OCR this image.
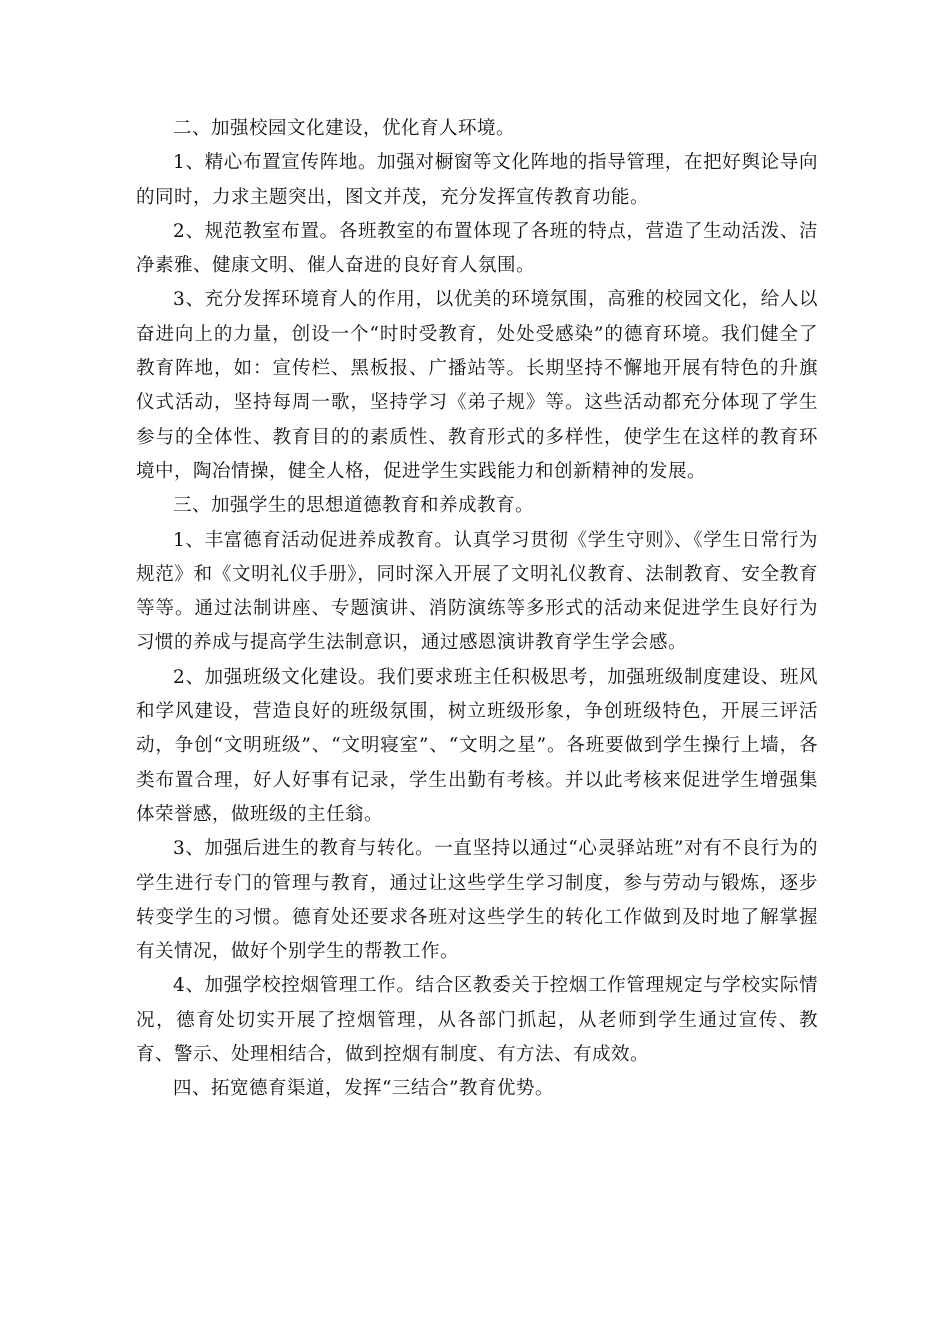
二、加强校园文化建设，优化育人环境。

1、精心布置宣传阵地。加强对橱窗等文化阵地的指导管理，在把好舆论导向的同时，力求主题突出，图文并茂，充分发挥宣传教育功能。

2、规范教室布置。各班教室的布置体现了各班的特点，营造了生动活泼、洁净素雅、健康文明、催人奋进的良好育人氛围。

3、充分发挥环境育人的作用，以优美的环境氛围，高雅的校园文化，给人以奋进向上的力量，创设一个“时时受教育，处处受感染”的德育环境。我们健全了教育阵地，如：宣传栏、黑板报、广播站等。长期坚持不懈地开展有特色的升旗仪式活动，坚持每周一歌，坚持学习《弟子规》等。这些活动都充分体现了学生参与的全体性、教育目的的素质性、教育形式的多样性，使学生在这样的教育环境中，陶冶情操，健全人格，促进学生实践能力和创新精神的发展。

三、加强学生的思想道德教育和养成教育。

1、丰富德育活动促进养成教育。认真学习贯彻《学生守则》、《学生日常行为规范》和《文明礼仪手册》，同时深入开展了文明礼仪教育、法制教育、安全教育等等。通过法制讲座、专题演讲、消防演练等多形式的活动来促进学生良好行为习惯的养成与提高学生法制意识，通过感恩演讲教育学生学会感。

2、加强班级文化建设。我们要求班主任积极思考，加强班级制度建设、班风和学风建设，营造良好的班级氛围，树立班级形象，争创班级特色，开展三评活动，争创“文明班级”、“文明寝室”、“文明之星”。各班要做到学生操行上墙，各类布置合理，好人好事有记录，学生出勤有考核。并以此考核来促进学生增强集体荣誉感，做班级的主任翁。

3、加强后进生的教育与转化。一直坚持以通过“心灵驿站班”对有不良行为的学生进行专门的管理与教育，通过让这些学生学习制度，参与劳动与锻炼，逐步转变学生的习惯。德育处还要求各班对这些学生的转化工作做到及时地了解掌握有关情况，做好个别学生的帮教工作。

4、加强学校控烟管理工作。结合区教委关于控烟工作管理规定与学校实际情况，德育处切实开展了控烟管理，从各部门抓起，从老师到学生通过宣传、教育、警示、处理相结合，做到控烟有制度、有方法、有成效。

四、拓宽德育渠道，发挥“三结合”教育优势。
